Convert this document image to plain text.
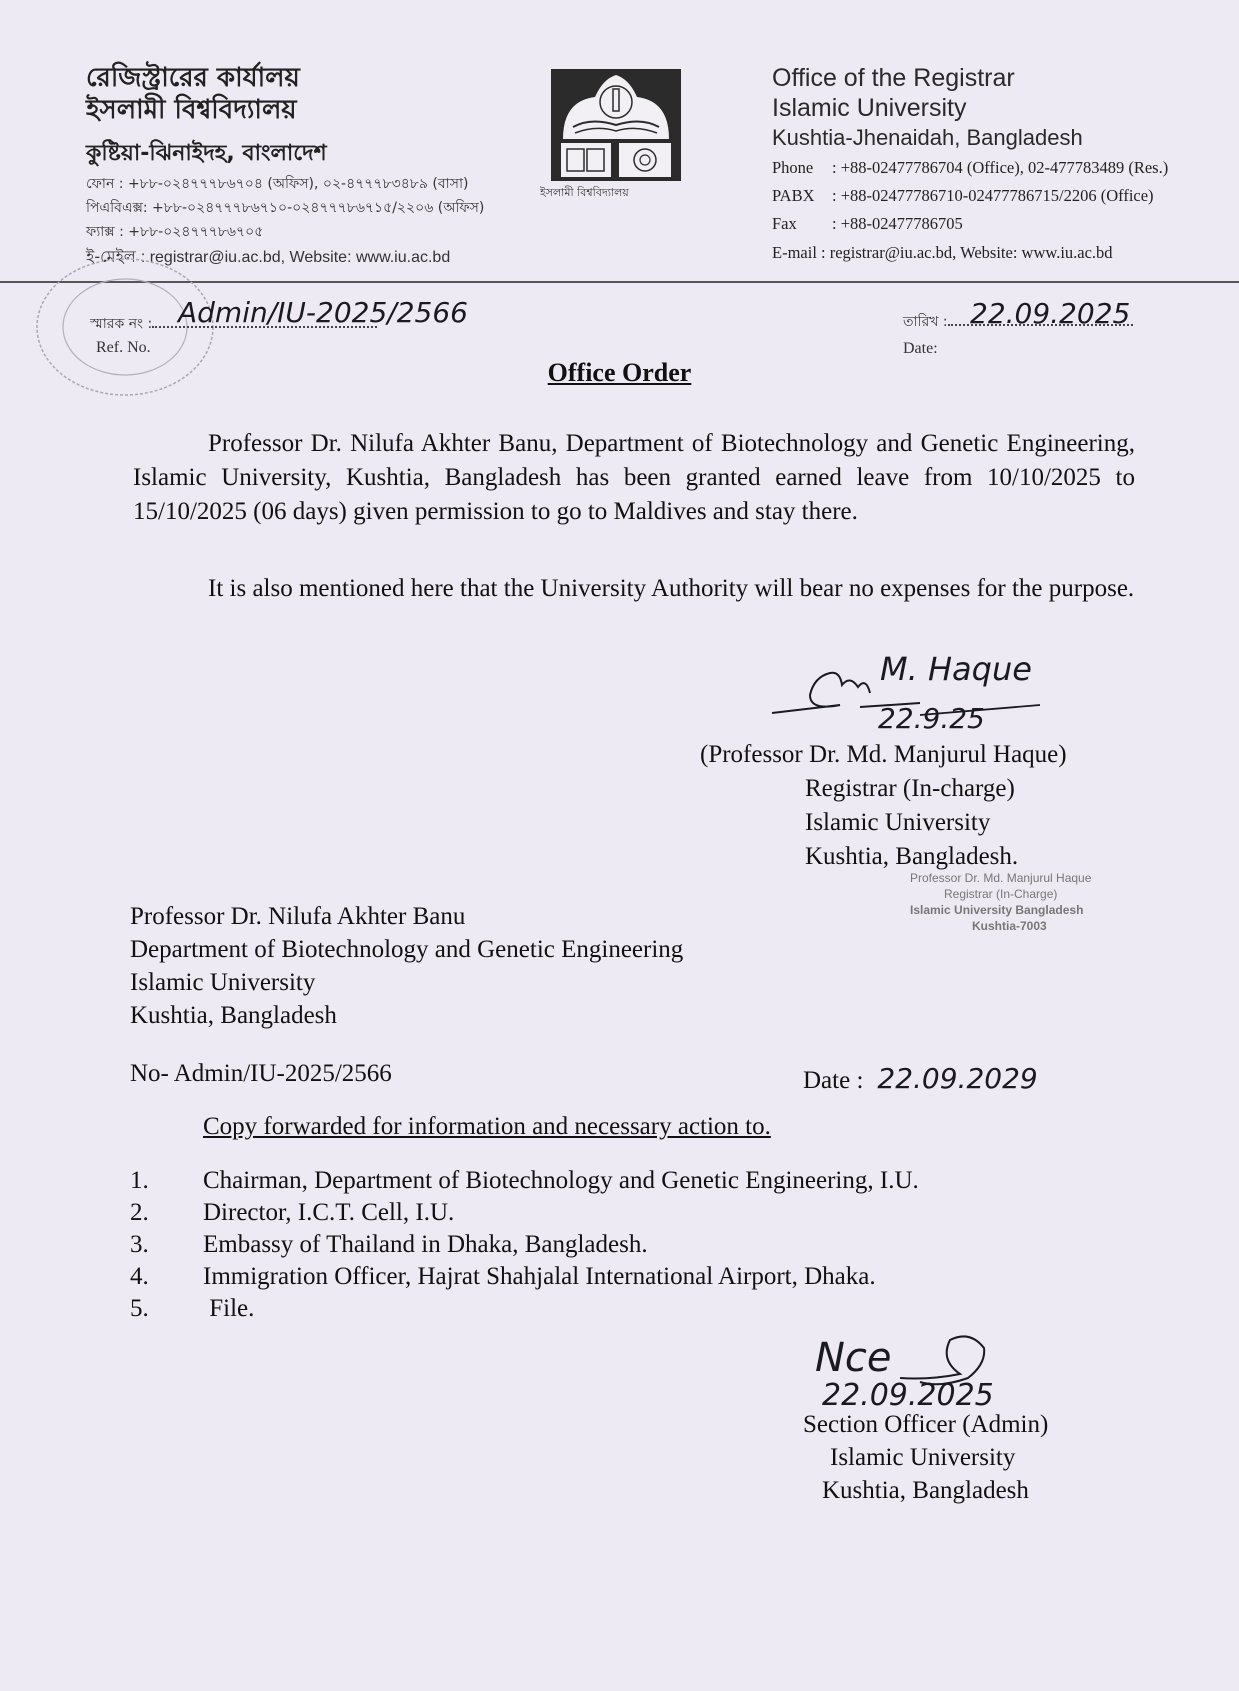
রেজিস্ট্রারের কার্যালয়
ইসলামী বিশ্ববিদ্যালয়
কুষ্টিয়া-ঝিনাইদহ, বাংলাদেশ
ফোন : +৮৮-০২৪৭৭৭৮৬৭০৪ (অফিস), ০২-৪৭৭৭৮৩৪৮৯ (বাসা)
পিএবিএক্স: +৮৮-০২৪৭৭৭৮৬৭১০-০২৪৭৭৭৮৬৭১৫/২২০৬ (অফিস)
ফ্যাক্স : +৮৮-০২৪৭৭৭৮৬৭০৫
ই-মেইল : registrar@iu.ac.bd, Website: www.iu.ac.bd
ইসলামী বিশ্ববিদ্যালয়
Office of the Registrar
Islamic University
Kushtia-Jhenaidah, Bangladesh
Phone : +88-02477786704 (Office), 02-477783489 (Res.)
PABX : +88-02477786710-02477786715/2206 (Office)
Fax : +88-02477786705
E-mail : registrar@iu.ac.bd, Website: www.iu.ac.bd
স্মারক নং :
Ref. No.
Admin/IU-2025/2566	তারিখ :
Date:
22.09.2025
Office Order
Professor Dr. Nilufa Akhter Banu, Department of Biotechnology and Genetic Engineering, Islamic University, Kushtia, Bangladesh has been granted earned leave from 10/10/2025 to 15/10/2025 (06 days) given permission to go to Maldives and stay there.
It is also mentioned here that the University Authority will bear no expenses for the purpose.
M. Haque
22.9.25
(Professor Dr. Md. Manjurul Haque)
Registrar (In-charge)
Islamic University
Kushtia, Bangladesh.
Professor Dr. Md. Manjurul Haque
Registrar (In-Charge)
Islamic University Bangladesh
Kushtia-7003
Professor Dr. Nilufa Akhter Banu
Department of Biotechnology and Genetic Engineering
Islamic University
Kushtia, Bangladesh
No- Admin/IU-2025/2566	Date : 22.09.2029
Copy forwarded for information and necessary action to.
1.	Chairman, Department of Biotechnology and Genetic Engineering, I.U.
2.	Director, I.C.T. Cell, I.U.
3.	Embassy of Thailand in Dhaka, Bangladesh.
4.	Immigration Officer, Hajrat Shahjalal International Airport, Dhaka.
5.	File.
Nce
22.09.2025
Section Officer (Admin)
Islamic University
Kushtia, Bangladesh
